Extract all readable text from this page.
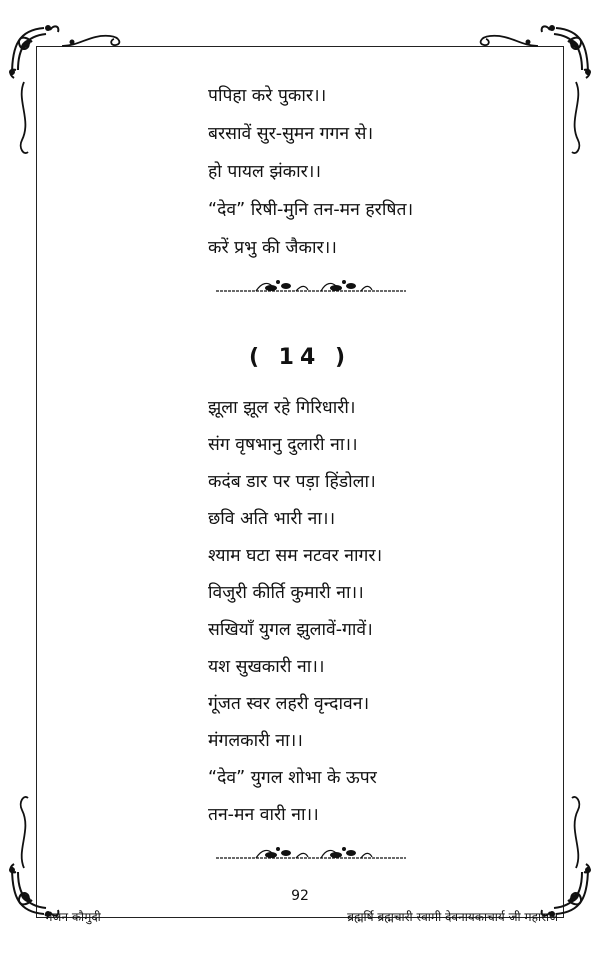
पपिहा करे पुकार।।
बरसावें सुर-सुमन गगन से।
हो पायल झंकार।।
“देव” रिषी-मुनि तन-मन हरषित।
करें प्रभु की जैकार।।
( 14 )
झूला झूल रहे गिरिधारी।
संग वृषभानु दुलारी ना।।
कदंब डार पर पड़ा हिंडोला।
छवि अति भारी ना।।
श्याम घटा सम नटवर नागर।
विजुरी कीर्ति कुमारी ना।।
सखियाँ युगल झुलावें-गावें।
यश सुखकारी ना।।
गूंजत स्वर लहरी वृन्दावन।
मंगलकारी ना।।
“देव” युगल शोभा के ऊपर
तन-मन वारी ना।।
92
भजन कौमुदी	ब्रह्मर्षि ब्रह्मचारी स्वामी देवनायकाचार्य जी महाराज
